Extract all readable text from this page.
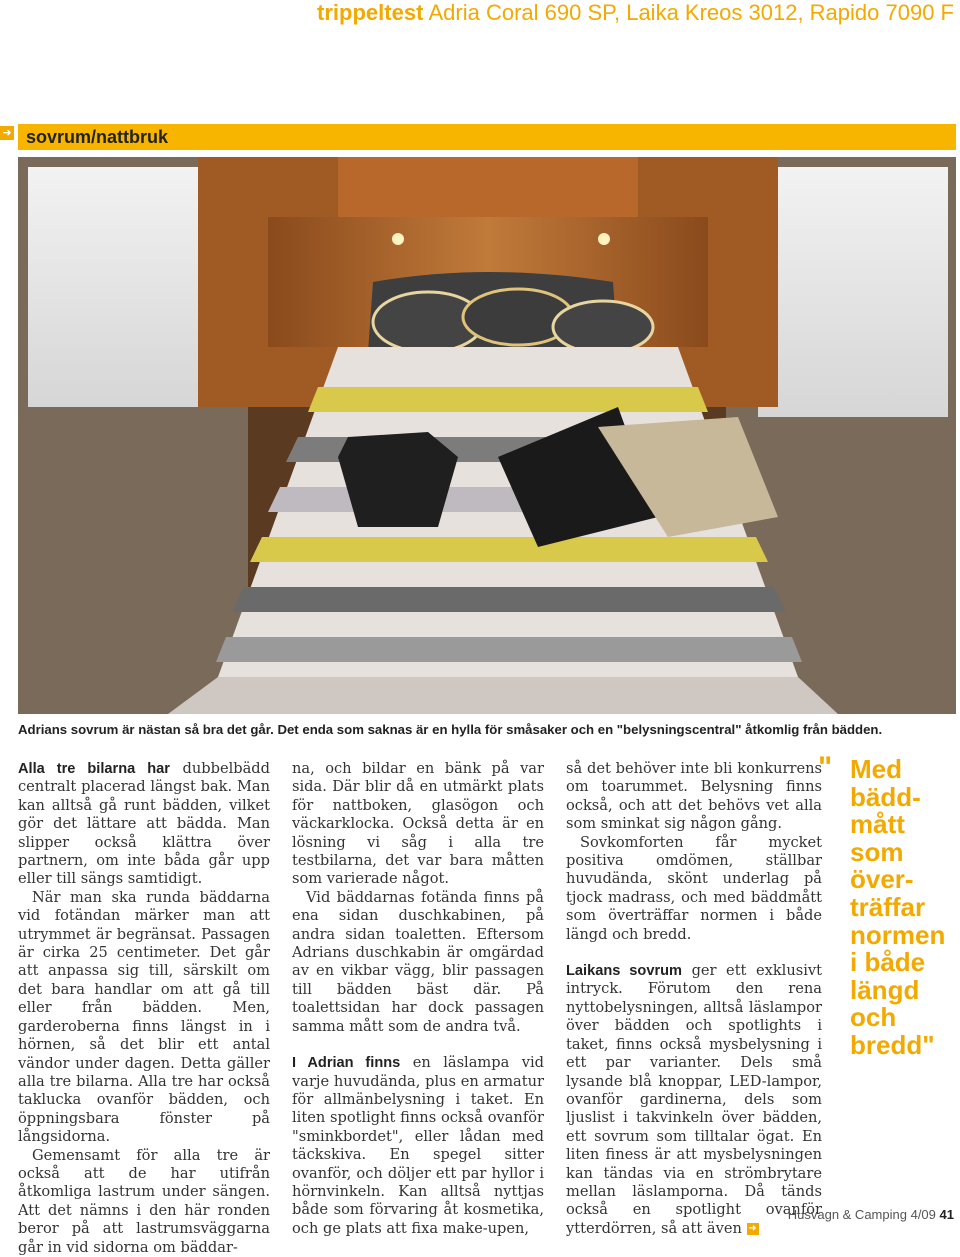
trippeltest Adria Coral 690 SP, Laika Kreos 3012, Rapido 7090 F
➜ sovrum/nattbruk
Adrians sovrum är nästan så bra det går. Det enda som saknas är en hylla för småsaker och en "belysningscentral" åtkomlig från bädden.

Alla tre bilarna har dubbelbädd centralt placerad längst bak. Man kan alltså gå runt bädden, vilket gör det lättare att bädda. Man slipper också klättra över partnern, om inte båda går upp eller till sängs samtidigt.

När man ska runda bäddarna vid fotändan märker man att utrymmet är begränsat. Passagen är cirka 25 centimeter. Det går att anpassa sig till, särskilt om det bara handlar om att gå till eller från bädden. Men, garderoberna finns längst in i hörnen, så det blir ett antal vändor under dagen. Detta gäller alla tre bilarna. Alla tre har också taklucka ovanför bädden, och öppningsbara fönster på långsidorna.

Gemensamt för alla tre är också att de har utifrån åtkomliga lastrum under sängen. Att det nämns i den här ronden beror på att lastrumsväggarna går in vid sidorna om bäddar-

na, och bildar en bänk på var sida. Där blir då en utmärkt plats för nattboken, glasögon och väckarklocka. Också detta är en lösning vi såg i alla tre testbilarna, det var bara måtten som varierade något.

Vid bäddarnas fotända finns på ena sidan duschkabinen, på andra sidan toaletten. Eftersom Adrians duschkabin är omgärdad av en vikbar vägg, blir passagen till bädden bäst där. På toalettsidan har dock passagen samma mått som de andra två.

I Adrian finns en läslampa vid varje huvudända, plus en armatur för allmänbelysning i taket. En liten spotlight finns också ovanför "sminkbordet", eller lådan med täckskiva. En spegel sitter ovanför, och döljer ett par hyllor i hörnvinkeln. Kan alltså nyttjas både som förvaring åt kosmetika, och ge plats att fixa make-upen,

så det behöver inte bli konkurrens om toarummet. Belysning finns också, och att det behövs vet alla som sminkat sig någon gång.

Sovkomforten får mycket positiva omdömen, ställbar huvudända, skönt underlag på tjock madrass, och med bäddmått som överträffar normen i både längd och bredd.

Laikans sovrum ger ett exklusivt intryck. Förutom den rena nyttobelysningen, alltså läslampor över bädden och spotlights i taket, finns också mysbelysning i ett par varianter. Dels små lysande blå knoppar, LED-lampor, ovanför gardinerna, dels som ljuslist i takvinkeln över bädden, ett sovrum som tilltalar ögat. En liten finess är att mysbelysningen kan tändas via en strömbrytare mellan läslamporna. Då tänds också en spotlight ovanför ytterdörren, så att även ➜

" Med
bädd-
mått
som
över-
träffar
normen
i både
längd
och
bredd"
Husvagn & Camping 4/09 41
